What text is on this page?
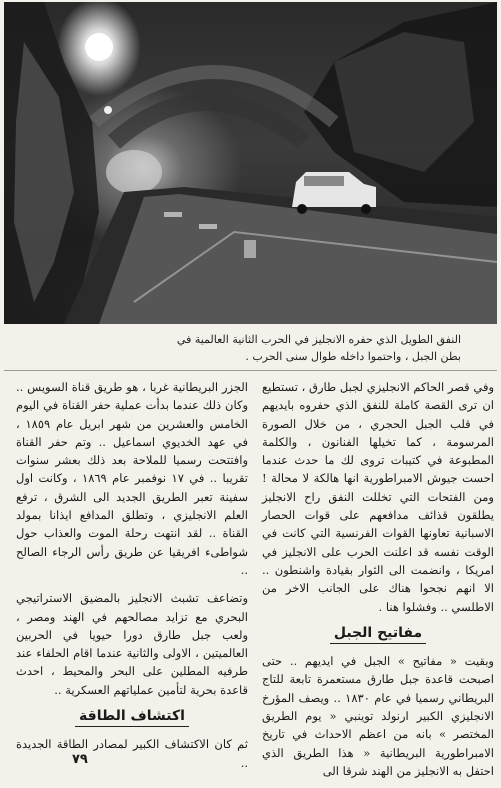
النفق الطويل الذي حفره الانجليز في الحرب الثانية العالمية في
بطن الجبل ، واحتموا داخله طوال سنى الحرب .

وفي قصر الحاكم الانجليزي لجبل طارق ، تستطيع ان ترى القصة كاملة للنفق الذي حفروه بايديهم في قلب الجبل الحجري ، من خلال الصورة المرسومة ، كما تخيلها الفنانون ، والكلمة المطبوعة في كتيبات تروى لك ما حدث عندما احست جيوش الامبراطورية انها هالكة لا محالة ! ومن الفتحات التي تخللت النفق راح الانجليز يطلقون قذائف مدافعهم على قوات الحصار الاسبانية تعاونها القوات الفرنسية التي كانت في الوقت نفسه قد اعلنت الحرب على الانجليز في امريكا ، وانضمت الى الثوار بقيادة واشنطون .. الا انهم نجحوا هناك على الجانب الاخر من الاطلسي .. وفشلوا هنا .

مفاتيح الجبل

وبقيت « مفاتيح » الجبل في ايديهم .. حتى اصبحت قاعدة جبل طارق مستعمرة تابعة للتاج البريطاني رسميا في عام ١٨٣٠ .. ويصف المؤرخ الانجليزي الكبير ارنولد توينبي « يوم الطريق المختصر » بانه من اعظم الاحداث في تاريخ الامبراطورية البريطانية « هذا الطريق الذي احتفل به الانجليز من الهند شرقا الى

الجزر البريطانية غربا ، هو طريق قناة السويس .. وكان ذلك عندما بدأت عملية حفر القناة في اليوم الخامس والعشرين من شهر ابريل عام ١٨٥٩ ، في عهد الخديوي اسماعيل .. وتم حفر القناة وافتتحت رسميا للملاحة بعد ذلك بعشر سنوات تقريبا .. في ١٧ نوفمبر عام ١٨٦٩ ، وكانت اول سفينة تعبر الطريق الجديد الى الشرق ، ترفع العلم الانجليزي ، وتطلق المدافع ايذانا بمولد القناة .. لقد انتهت رحلة الموت والعذاب حول شواطىء افريقيا عن طريق رأس الرجاء الصالح ..

وتضاعف تشبث الانجليز بالمضيق الاستراتيجي البحري مع تزايد مصالحهم في الهند ومصر ، ولعب جبل طارق دورا حيويا في الحربين العالميتين ، الاولى والثانية عندما اقام الحلفاء عند طرفيه المطلين على البحر والمحيط ، احدث قاعدة بحرية لتأمين عملياتهم العسكرية ..

اكتشاف الطاقة

ثم كان الاكتشاف الكبير لمصادر الطاقة الجديدة ..

٧٩
